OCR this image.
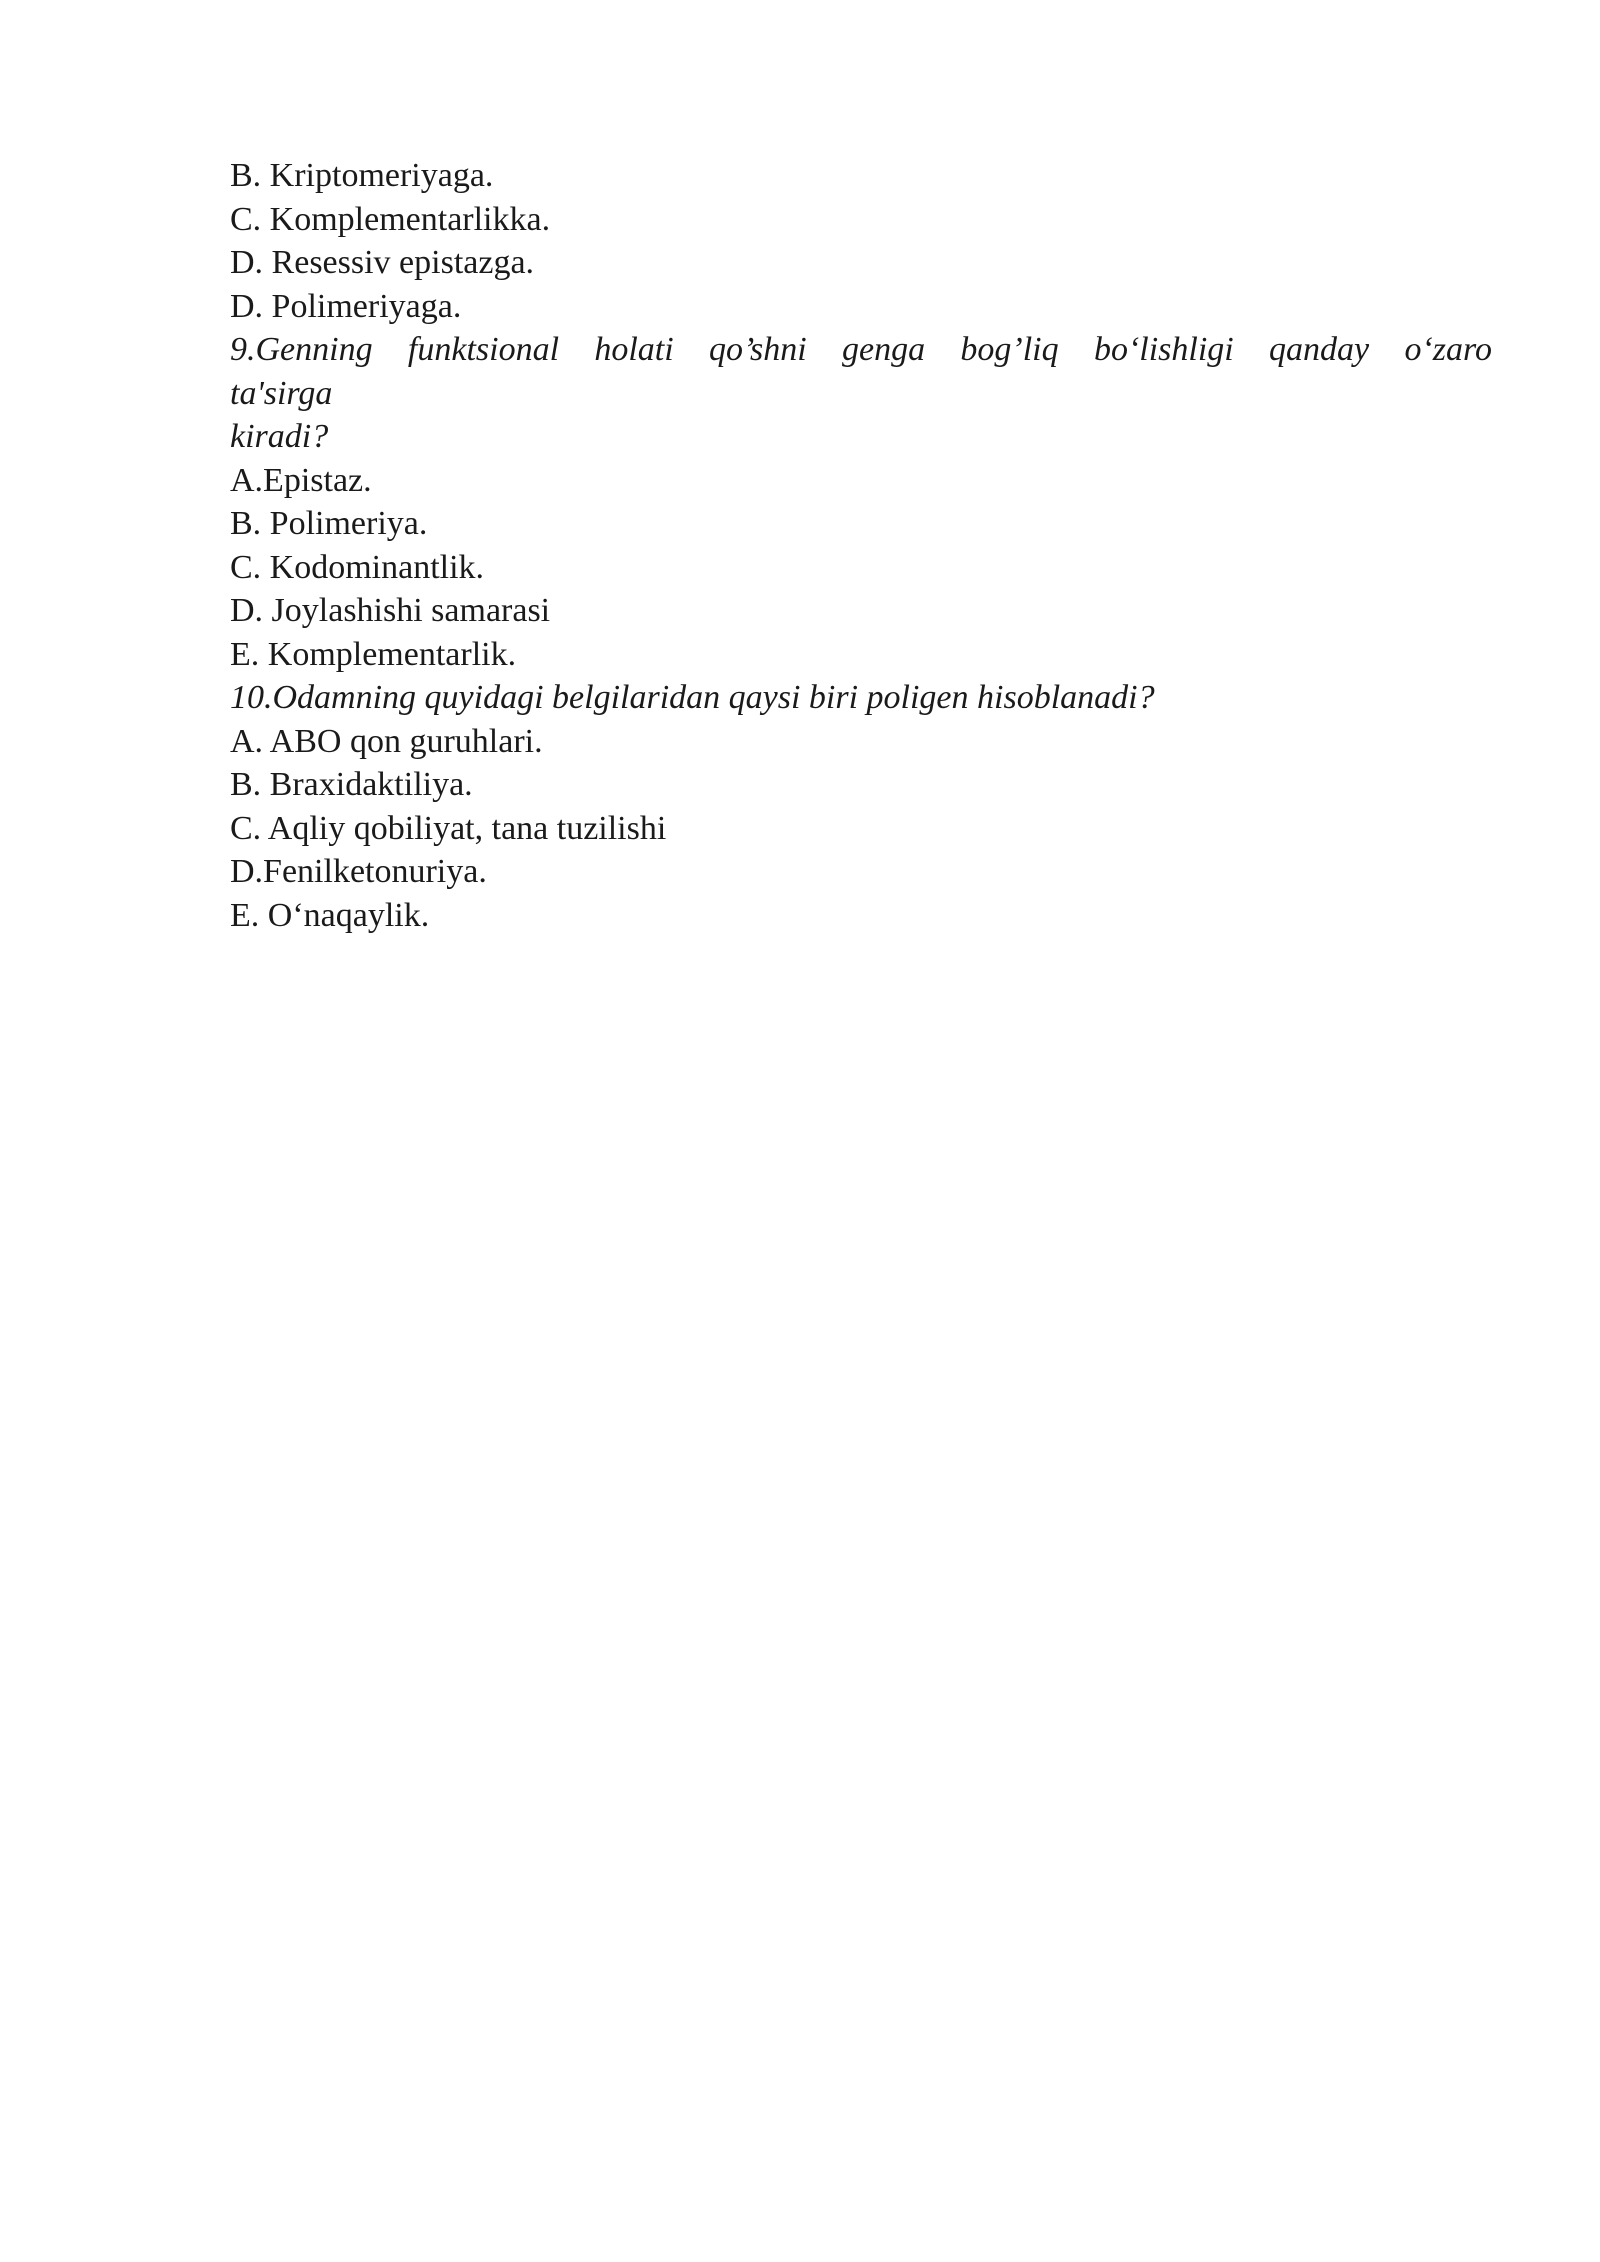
B. Kriptomeriyaga.
C. Komplementarlikka.
D. Resessiv epistazga.
D. Polimeriyaga.
9.Genning funktsional holati qo’shni genga bog’liq bo‘lishligi qanday o‘zaro
ta'sirga
kiradi?
A.Epistaz.
B. Polimeriya.
C. Kodominantlik.
D. Joylashishi samarasi
E. Komplementarlik.
10.Odamning quyidagi belgilaridan qaysi biri poligen hisoblanadi?
A. ABO qon guruhlari.
B. Braxidaktiliya.
C. Aqliy qobiliyat, tana tuzilishi
D.Fenilketonuriya.
E. O‘naqaylik.
